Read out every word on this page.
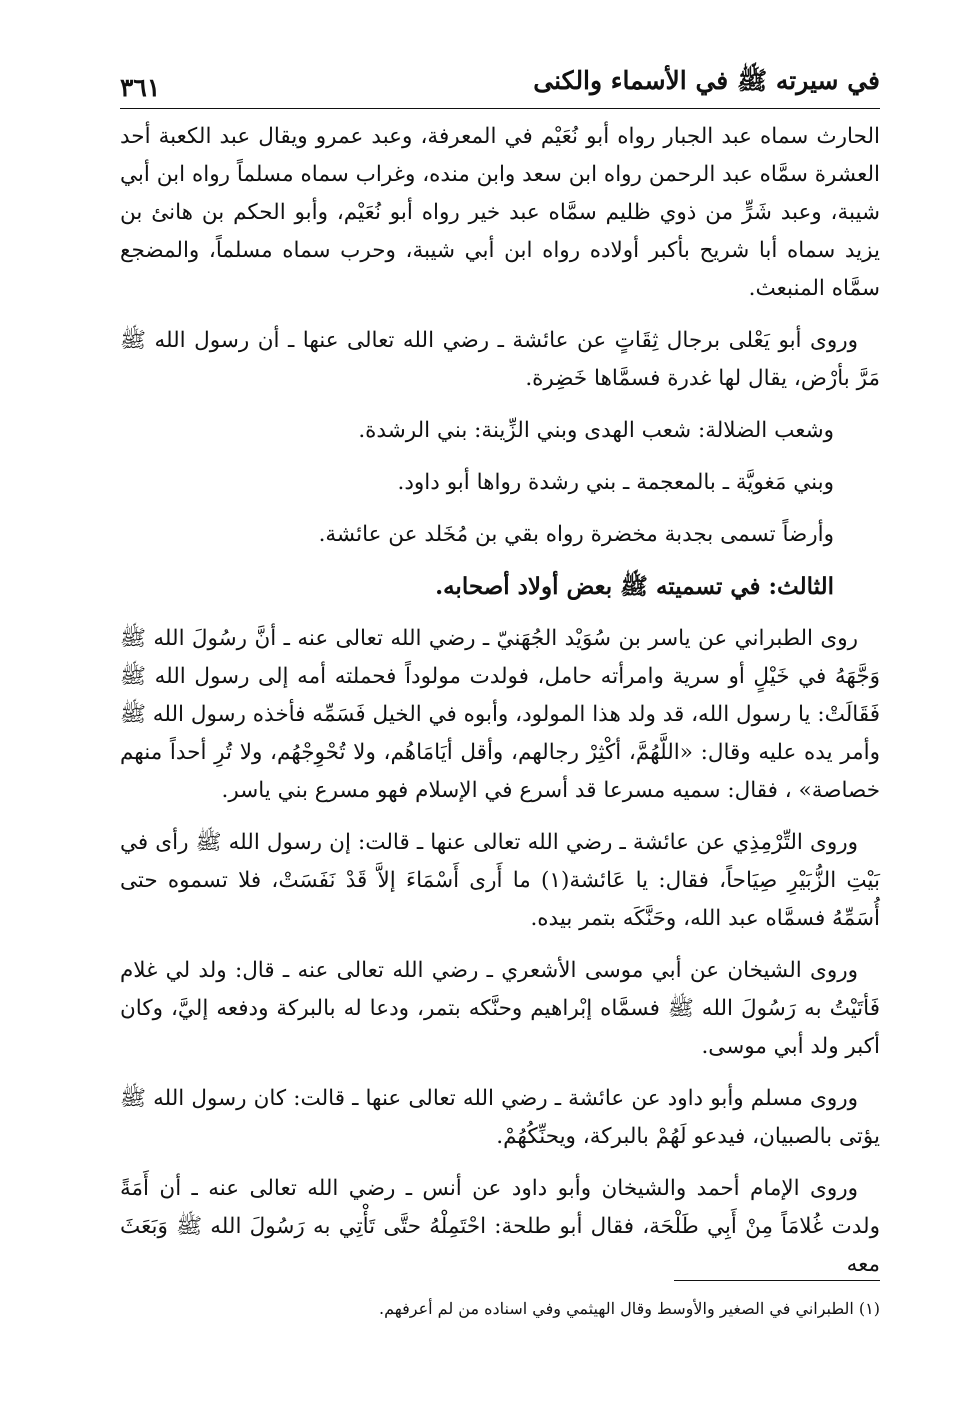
في سيرته ﷺ في الأسماء والكنى
٣٦١

الحارث سماه عبد الجبار رواه أبو نُعَيْم في المعرفة، وعبد عمرو ويقال عبد الكعبة أحد العشرة سمَّاه عبد الرحمن رواه ابن سعد وابن منده، وغراب سماه مسلماً رواه ابن أبي شيبة، وعبد شَرٍّ من ذوي ظليم سمَّاه عبد خير رواه أبو نُعَيْم، وأبو الحكم بن هانئ بن يزيد سماه أبا شريح بأكبر أولاده رواه ابن أبي شيبة، وحرب سماه مسلماً، والمضجع سمَّاه المنبعث.

وروى أبو يَعْلى برجال ثِقَاتٍ عن عائشة ـ رضي الله تعالى عنها ـ أن رسول الله ﷺ مَرَّ بأرْض، يقال لها غدرة فسمَّاها خَضِرة.

وشعب الضلالة: شعب الهدى وبني الزِّينة: بني الرشدة.

وبني مَغويَّة ـ بالمعجمة ـ بني رشدة رواها أبو داود.

وأرضاً تسمى بجدبة مخضرة رواه بقي بن مُخَلد عن عائشة.

الثالث: في تسميته ﷺ بعض أولاد أصحابه.

روى الطبراني عن ياسر بن سُوَيْد الجُهَنيّ ـ رضي الله تعالى عنه ـ أنَّ رسُولَ الله ﷺ وَجَّهَهُ في خَيْلٍ أو سرية وامرأته حامل، فولدت مولوداً فحملته أمه إلى رسول الله ﷺ فَقَالَتْ: يا رسول الله، قد ولد هذا المولود، وأبوه في الخيل فَسَمِّه فأخذه رسول الله ﷺ وأمر يده عليه وقال: «اللَّهُمَّ، أكْثِرْ رجالهم، وأقل أيَامَاهُم، ولا تُحْوِجْهُم، ولا تُرِ أحداً منهم خصاصة» ، فقال: سميه مسرعا قد أسرع في الإسلام فهو مسرع بني ياسر.

وروى التِّرْمِذِي عن عائشة ـ رضي الله تعالى عنها ـ قالت: إن رسول الله ﷺ رأى في بَيْتِ الزُّبَيْرِ صِيَاحاً، فقال: يا عَائشة(١) ما أَرى أَسْمَاءَ إلاَّ قَدْ نَفَسَتْ، فلا تسموه حتى أُسَمِّهُ فسمَّاه عبد الله، وحَنَّكَه بتمر بيده.

وروى الشيخان عن أبي موسى الأشعري ـ رضي الله تعالى عنه ـ قال: ولد لي غلام فَأتَيْتُ به رَسُولَ الله ﷺ فسمَّاه إبْراهيم وحنَّكه بتمر، ودعا له بالبركة ودفعه إليَّ، وكان أكبر ولد أبي موسى.

وروى مسلم وأبو داود عن عائشة ـ رضي الله تعالى عنها ـ قالت: كان رسول الله ﷺ يؤتى بالصبيان، فيدعو لَهُمْ بالبركة، ويحنِّكُهُمْ.

وروى الإمام أحمد والشيخان وأبو داود عن أنس ـ رضي الله تعالى عنه ـ أن أَمَةً ولدت غُلامَاً مِنْ أَبِي طَلْحَة، فقال أبو طلحة: احْتَمِلْهُ حتَّى تَأْتِي به رَسُولَ الله ﷺ وَبَعَثَ معه

(١) الطبراني في الصغير والأوسط وقال الهيثمي وفي اسناده من لم أعرفهم.
